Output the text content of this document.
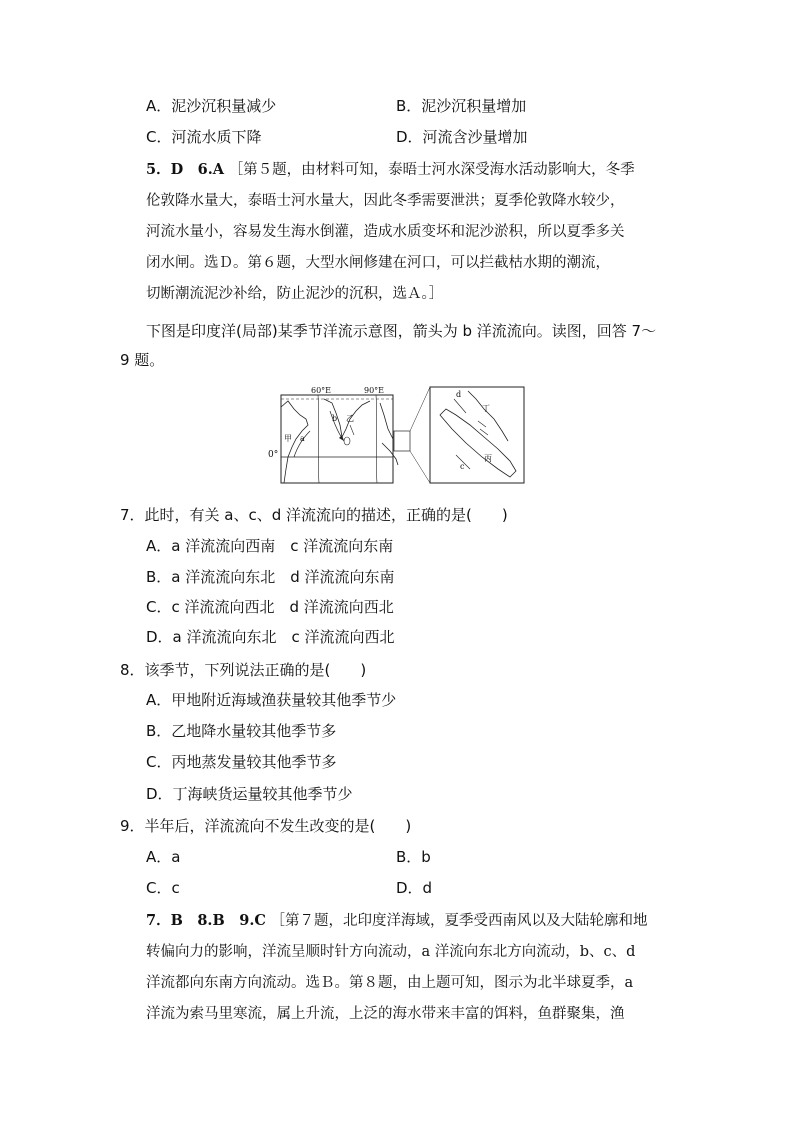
A．泥沙沉积量减少	B．泥沙沉积量增加
C．河流水质下降	D．河流含沙量增加
5．D　6.A ［第５题，由材料可知，泰晤士河水深受海水活动影响大，冬季
伦敦降水量大，泰晤士河水量大，因此冬季需要泄洪；夏季伦敦降水较少，
河流水量小，容易发生海水倒灌，造成水质变坏和泥沙淤积，所以夏季多关
闭水闸。选Ｄ。第６题，大型水闸修建在河口，可以拦截枯水期的潮流，
切断潮流泥沙补给，防止泥沙的沉积，选Ａ。］
下图是印度洋(局部)某季节洋流示意图，箭头为 b 洋流流向。读图，回答 7～
9 题。
60°E	90°E
甲 a
b 乙
d
丁
丙
c
0°
7．此时，有关 a、c、d 洋流流向的描述，正确的是(　　)
A．a 洋流流向西南　c 洋流流向东南
B．a 洋流流向东北　d 洋流流向东南
C．c 洋流流向西北　d 洋流流向西北
D．a 洋流流向东北　c 洋流流向西北
8．该季节，下列说法正确的是(　　)
A．甲地附近海域渔获量较其他季节少
B．乙地降水量较其他季节多
C．丙地蒸发量较其他季节多
D．丁海峡货运量较其他季节少
9．半年后，洋流流向不发生改变的是(　　)
A．a	B．b
C．c	D．d
7．B　8.B　9.C ［第７题，北印度洋海域，夏季受西南风以及大陆轮廓和地
转偏向力的影响，洋流呈顺时针方向流动，a 洋流向东北方向流动，b、c、d
洋流都向东南方向流动。选Ｂ。第８题，由上题可知，图示为北半球夏季，a
洋流为索马里寒流，属上升流，上泛的海水带来丰富的饵料，鱼群聚集，渔
